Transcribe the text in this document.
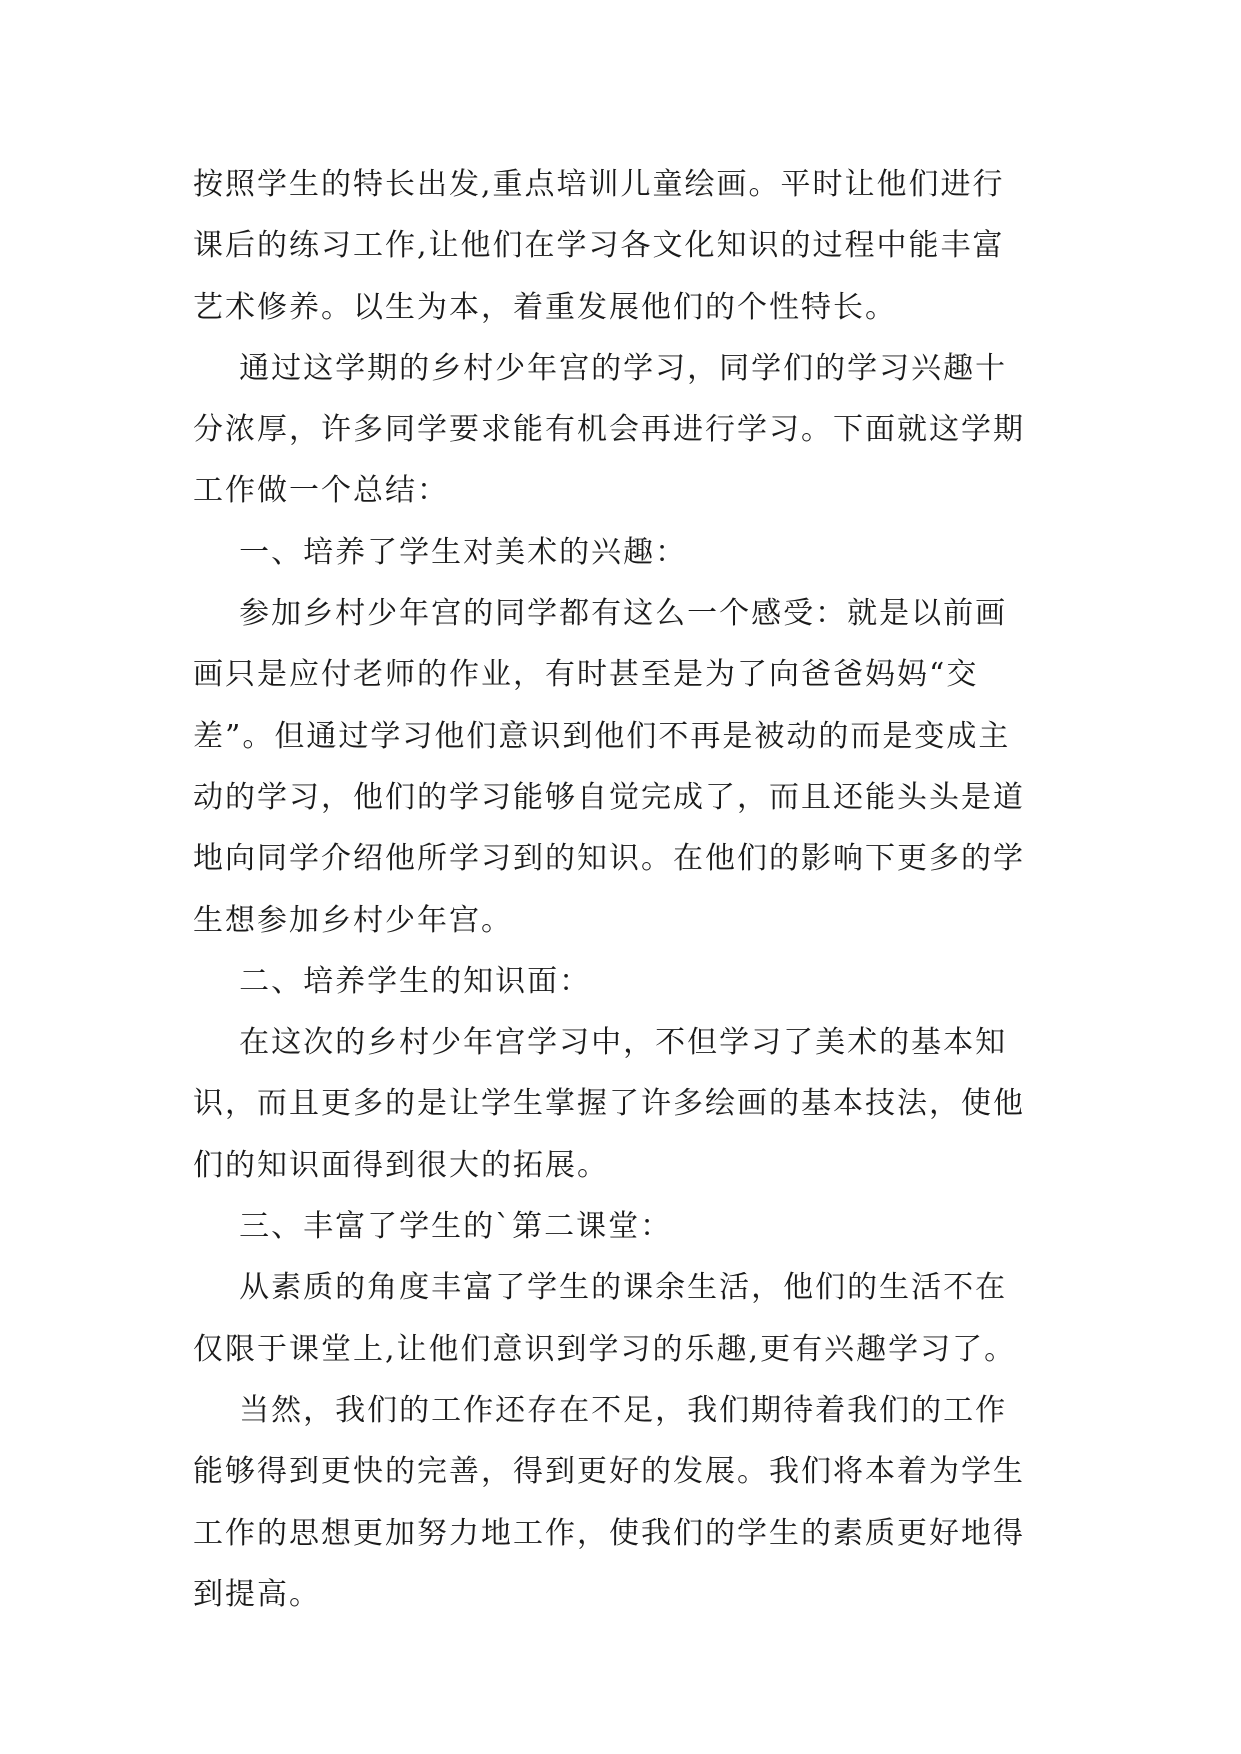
按照学生的特长出发,重点培训儿童绘画。平时让他们进行

课后的练习工作,让他们在学习各文化知识的过程中能丰富

艺术修养。以生为本，着重发展他们的个性特长。

通过这学期的乡村少年宫的学习，同学们的学习兴趣十

分浓厚，许多同学要求能有机会再进行学习。下面就这学期

工作做一个总结：

一、培养了学生对美术的兴趣：

参加乡村少年宫的同学都有这么一个感受：就是以前画

画只是应付老师的作业，有时甚至是为了向爸爸妈妈“交

差”。但通过学习他们意识到他们不再是被动的而是变成主

动的学习，他们的学习能够自觉完成了，而且还能头头是道

地向同学介绍他所学习到的知识。在他们的影响下更多的学

生想参加乡村少年宫。

二、培养学生的知识面：

在这次的乡村少年宫学习中，不但学习了美术的基本知

识，而且更多的是让学生掌握了许多绘画的基本技法，使他

们的知识面得到很大的拓展。

三、丰富了学生的`第二课堂：

从素质的角度丰富了学生的课余生活，他们的生活不在

仅限于课堂上,让他们意识到学习的乐趣,更有兴趣学习了。

当然，我们的工作还存在不足，我们期待着我们的工作

能够得到更快的完善，得到更好的发展。我们将本着为学生

工作的思想更加努力地工作，使我们的学生的素质更好地得

到提高。
